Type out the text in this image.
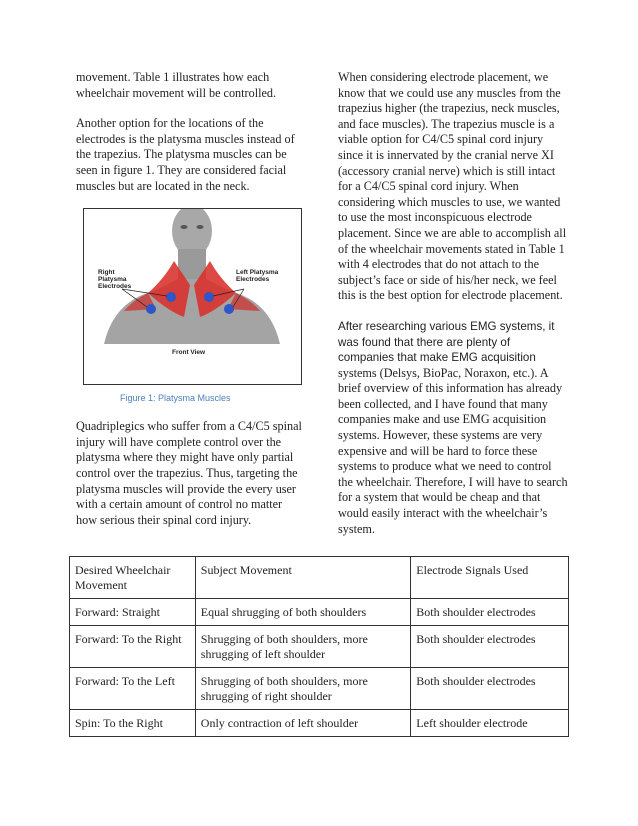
movement. Table 1 illustrates how each wheelchair movement will be controlled.

Another option for the locations of the electrodes is the platysma muscles instead of the trapezius. The platysma muscles can be seen in figure 1. They are considered facial muscles but are located in the neck.

Right Platysma Electrodes
Left Platysma Electrodes
Front View
Figure 1: Platysma Muscles

Quadriplegics who suffer from a C4/C5 spinal injury will have complete control over the platysma where they might have only partial control over the trapezius. Thus, targeting the platysma muscles will provide the every user with a certain amount of control no matter how serious their spinal cord injury.

When considering electrode placement, we know that we could use any muscles from the trapezius higher (the trapezius, neck muscles, and face muscles). The trapezius muscle is a viable option for C4/C5 spinal cord injury since it is innervated by the cranial nerve XI (accessory cranial nerve) which is still intact for a C4/C5 spinal cord injury. When considering which muscles to use, we wanted to use the most inconspicuous electrode placement. Since we are able to accomplish all of the wheelchair movements stated in Table 1 with 4 electrodes that do not attach to the subject’s face or side of his/her neck, we feel this is the best option for electrode placement.

After researching various EMG systems, it was found that there are plenty of companies that make EMG acquisition systems (Delsys, BioPac, Noraxon, etc.). A brief overview of this information has already been collected, and I have found that many companies make and use EMG acquisition systems. However, these systems are very expensive and will be hard to force these systems to produce what we need to control the wheelchair. Therefore, I will have to search for a system that would be cheap and that would easily interact with the wheelchair’s system.

Desired Wheelchair Movement	Subject Movement	Electrode Signals Used
Forward: Straight	Equal shrugging of both shoulders	Both shoulder electrodes
Forward: To the Right	Shrugging of both shoulders, more shrugging of left shoulder	Both shoulder electrodes
Forward: To the Left	Shrugging of both shoulders, more shrugging of right shoulder	Both shoulder electrodes
Spin: To the Right	Only contraction of left shoulder	Left shoulder electrode
